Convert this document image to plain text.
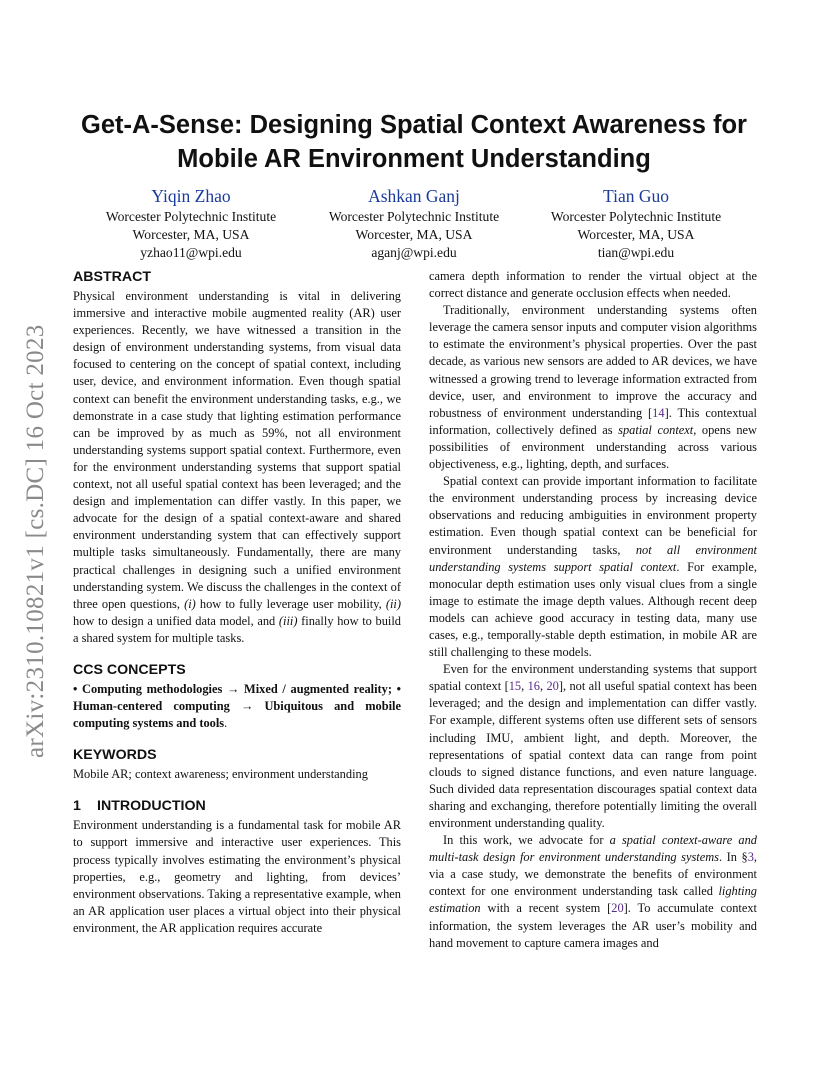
Get-A-Sense: Designing Spatial Context Awareness for
Mobile AR Environment Understanding
Yiqin Zhao
Worcester Polytechnic Institute
Worcester, MA, USA
yzhao11@wpi.edu
Ashkan Ganj
Worcester Polytechnic Institute
Worcester, MA, USA
aganj@wpi.edu
Tian Guo
Worcester Polytechnic Institute
Worcester, MA, USA
tian@wpi.edu
arXiv:2310.10821v1 [cs.DC] 16 Oct 2023
ABSTRACT

Physical environment understanding is vital in delivering immersive and interactive mobile augmented reality (AR) user experiences. Recently, we have witnessed a transition in the design of environment understanding systems, from visual data focused to centering on the concept of spatial context, including user, device, and environment information. Even though spatial context can benefit the environment understanding tasks, e.g., we demonstrate in a case study that lighting estimation performance can be improved by as much as 59%, not all environment understanding systems support spatial context. Furthermore, even for the environment understanding systems that support spatial context, not all useful spatial context has been leveraged; and the design and implementation can differ vastly. In this paper, we advocate for the design of a spatial context-aware and shared environment understanding system that can effectively support multiple tasks simultaneously. Fundamentally, there are many practical challenges in designing such a unified environment understanding system. We discuss the challenges in the context of three open questions, (i) how to fully leverage user mobility, (ii) how to design a unified data model, and (iii) finally how to build a shared system for multiple tasks.

CCS CONCEPTS

• Computing methodologies → Mixed / augmented reality; • Human-centered computing → Ubiquitous and mobile computing systems and tools.

KEYWORDS

Mobile AR; context awareness; environment understanding

1 INTRODUCTION

Environment understanding is a fundamental task for mobile AR to support immersive and interactive user experiences. This process typically involves estimating the environment’s physical properties, e.g., geometry and lighting, from devices’ environment observations. Taking a representative example, when an AR application user places a virtual object into their physical environment, the AR application requires accurate

camera depth information to render the virtual object at the correct distance and generate occlusion effects when needed.

Traditionally, environment understanding systems often leverage the camera sensor inputs and computer vision algorithms to estimate the environment’s physical properties. Over the past decade, as various new sensors are added to AR devices, we have witnessed a growing trend to leverage information extracted from device, user, and environment to improve the accuracy and robustness of environment understanding [14]. This contextual information, collectively defined as spatial context, opens new possibilities of environment understanding across various objectiveness, e.g., lighting, depth, and surfaces.

Spatial context can provide important information to facilitate the environment understanding process by increasing device observations and reducing ambiguities in environment property estimation. Even though spatial context can be beneficial for environment understanding tasks, not all environment understanding systems support spatial context. For example, monocular depth estimation uses only visual clues from a single image to estimate the image depth values. Although recent deep models can achieve good accuracy in testing data, many use cases, e.g., temporally-stable depth estimation, in mobile AR are still challenging to these models.

Even for the environment understanding systems that support spatial context [15, 16, 20], not all useful spatial context has been leveraged; and the design and implementation can differ vastly. For example, different systems often use different sets of sensors including IMU, ambient light, and depth. Moreover, the representations of spatial context data can range from point clouds to signed distance functions, and even nature language. Such divided data representation discourages spatial context data sharing and exchanging, therefore potentially limiting the overall environment understanding quality.

In this work, we advocate for a spatial context-aware and multi-task design for environment understanding systems. In §3, via a case study, we demonstrate the benefits of environment context for one environment understanding task called lighting estimation with a recent system [20]. To accumulate context information, the system leverages the AR user’s mobility and hand movement to capture camera images and
